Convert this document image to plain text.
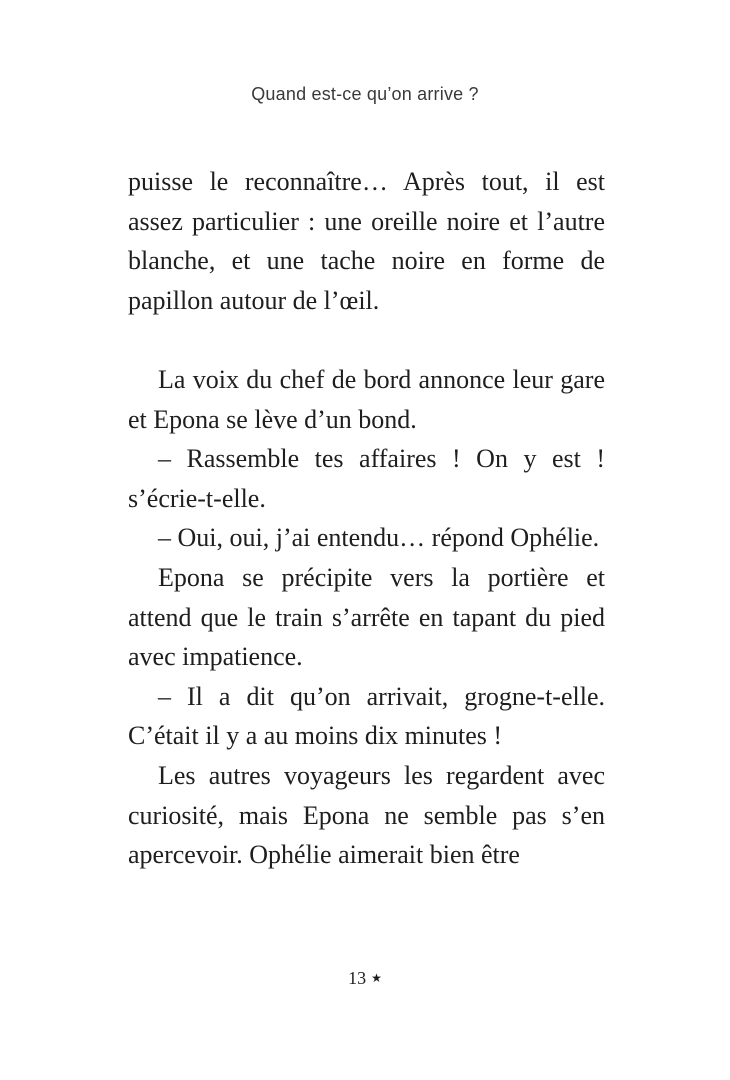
Quand est-ce qu’on arrive ?

puisse le reconnaître… Après tout, il est assez particulier : une oreille noire et l’autre blanche, et une tache noire en forme de papillon autour de l’œil.

La voix du chef de bord annonce leur gare et Epona se lève d’un bond.

– Rassemble tes affaires ! On y est ! s’écrie-t-elle.

– Oui, oui, j’ai entendu… répond Ophélie.

Epona se précipite vers la portière et attend que le train s’arrête en tapant du pied avec impatience.

– Il a dit qu’on arrivait, grogne-t-elle. C’était il y a au moins dix minutes !

Les autres voyageurs les regardent avec curiosité, mais Epona ne semble pas s’en apercevoir. Ophélie aimerait bien être

13 ★
